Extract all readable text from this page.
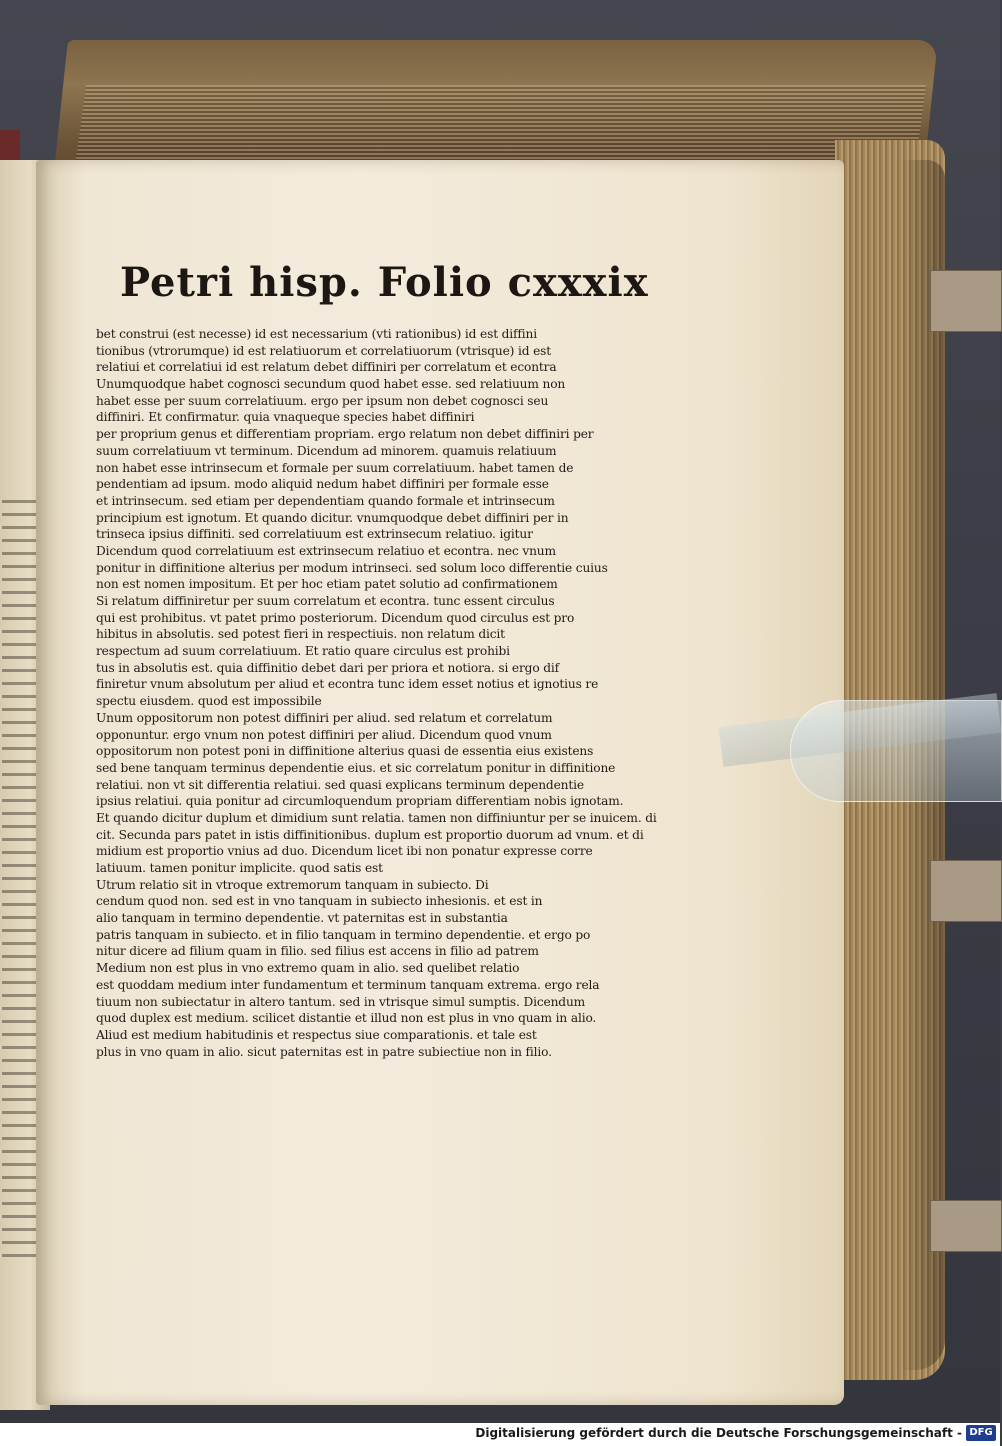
Petri hisp. Folio cxxxix
bet construi (est necesse) id est necessarium (vti rationibus) id est diffini
tionibus (vtrorumque) id est relatiuorum et correlatiuorum (vtrisque) id est
relatiui et correlatiui id est relatum debet diffiniri per correlatum et econtra
Unumquodque habet cognosci secundum quod habet esse. sed relatiuum non
habet esse per suum correlatiuum. ergo per ipsum non debet cognosci seu
diffiniri. Et confirmatur. quia vnaqueque species habet diffiniri
per proprium genus et differentiam propriam. ergo relatum non debet diffiniri per
suum correlatiuum vt terminum. Dicendum ad minorem. quamuis relatiuum
non habet esse intrinsecum et formale per suum correlatiuum. habet tamen de
pendentiam ad ipsum. modo aliquid nedum habet diffiniri per formale esse
et intrinsecum. sed etiam per dependentiam quando formale et intrinsecum
principium est ignotum. Et quando dicitur. vnumquodque debet diffiniri per in
trinseca ipsius diffiniti. sed correlatiuum est extrinsecum relatiuo. igitur
Dicendum quod correlatiuum est extrinsecum relatiuo et econtra. nec vnum
ponitur in diffinitione alterius per modum intrinseci. sed solum loco differentie cuius
non est nomen impositum. Et per hoc etiam patet solutio ad confirmationem
Si relatum diffiniretur per suum correlatum et econtra. tunc essent circulus
qui est prohibitus. vt patet primo posteriorum. Dicendum quod circulus est pro
hibitus in absolutis. sed potest fieri in respectiuis. non relatum dicit
respectum ad suum correlatiuum. Et ratio quare circulus est prohibi
tus in absolutis est. quia diffinitio debet dari per priora et notiora. si ergo dif
finiretur vnum absolutum per aliud et econtra tunc idem esset notius et ignotius re
spectu eiusdem. quod est impossibile
Unum oppositorum non potest diffiniri per aliud. sed relatum et correlatum
opponuntur. ergo vnum non potest diffiniri per aliud. Dicendum quod vnum
oppositorum non potest poni in diffinitione alterius quasi de essentia eius existens
sed bene tanquam terminus dependentie eius. et sic correlatum ponitur in diffinitione
relatiui. non vt sit differentia relatiui. sed quasi explicans terminum dependentie
ipsius relatiui. quia ponitur ad circumloquendum propriam differentiam nobis ignotam.
Et quando dicitur duplum et dimidium sunt relatia. tamen non diffiniuntur per se inuicem. di
cit. Secunda pars patet in istis diffinitionibus. duplum est proportio duorum ad vnum. et di
midium est proportio vnius ad duo. Dicendum licet ibi non ponatur expresse corre
latiuum. tamen ponitur implicite. quod satis est
Utrum relatio sit in vtroque extremorum tanquam in subiecto. Di
cendum quod non. sed est in vno tanquam in subiecto inhesionis. et est in
alio tanquam in termino dependentie. vt paternitas est in substantia
patris tanquam in subiecto. et in filio tanquam in termino dependentie. et ergo po
nitur dicere ad filium quam in filio. sed filius est accens in filio ad patrem
Medium non est plus in vno extremo quam in alio. sed quelibet relatio
est quoddam medium inter fundamentum et terminum tanquam extrema. ergo rela
tiuum non subiectatur in altero tantum. sed in vtrisque simul sumptis. Dicendum
quod duplex est medium. scilicet distantie et illud non est plus in vno quam in alio.
Aliud est medium habitudinis et respectus siue comparationis. et tale est
plus in vno quam in alio. sicut paternitas est in patre subiectiue non in filio.
Digitalisierung gefördert durch die Deutsche Forschungsgemeinschaft - DFG
